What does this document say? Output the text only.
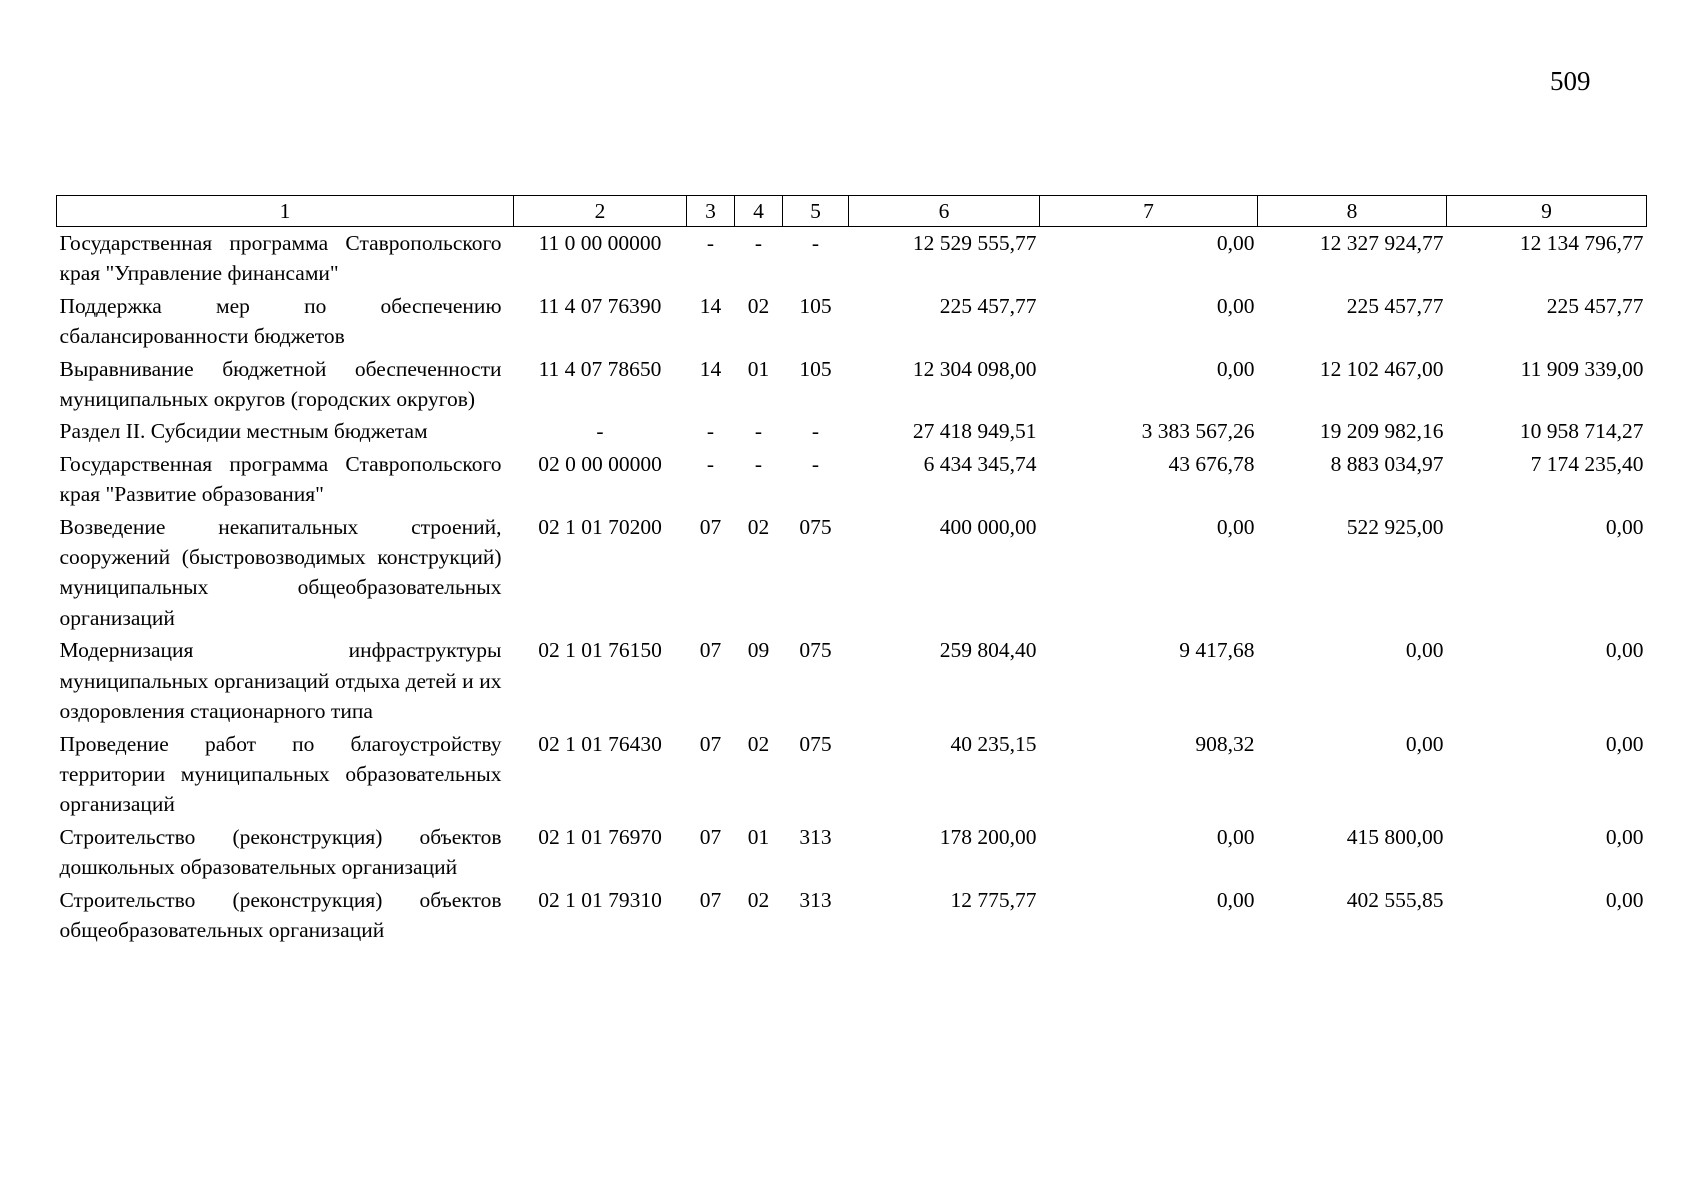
509
1	2	3	4	5	6	7	8	9
Государственная программа Ставропольского края "Управление финансами"	11 0 00 00000	-	-	-	12 529 555,77	0,00	12 327 924,77	12 134 796,77
Поддержка мер по обеспечению сбалансированности бюджетов	11 4 07 76390	14	02	105	225 457,77	0,00	225 457,77	225 457,77
Выравнивание бюджетной обеспеченности муниципальных округов (городских округов)	11 4 07 78650	14	01	105	12 304 098,00	0,00	12 102 467,00	11 909 339,00
Раздел II. Субсидии местным бюджетам	-	-	-	-	27 418 949,51	3 383 567,26	19 209 982,16	10 958 714,27
Государственная программа Ставропольского края "Развитие образования"	02 0 00 00000	-	-	-	6 434 345,74	43 676,78	8 883 034,97	7 174 235,40
Возведение некапитальных строений, сооружений (быстровозводимых конструкций) муниципальных общеобразовательных организаций	02 1 01 70200	07	02	075	400 000,00	0,00	522 925,00	0,00
Модернизация инфраструктуры муниципальных организаций отдыха детей и их оздоровления стационарного типа	02 1 01 76150	07	09	075	259 804,40	9 417,68	0,00	0,00
Проведение работ по благоустройству территории муниципальных образовательных организаций	02 1 01 76430	07	02	075	40 235,15	908,32	0,00	0,00
Строительство (реконструкция) объектов дошкольных образовательных организаций	02 1 01 76970	07	01	313	178 200,00	0,00	415 800,00	0,00
Строительство (реконструкция) объектов общеобразовательных организаций	02 1 01 79310	07	02	313	12 775,77	0,00	402 555,85	0,00
